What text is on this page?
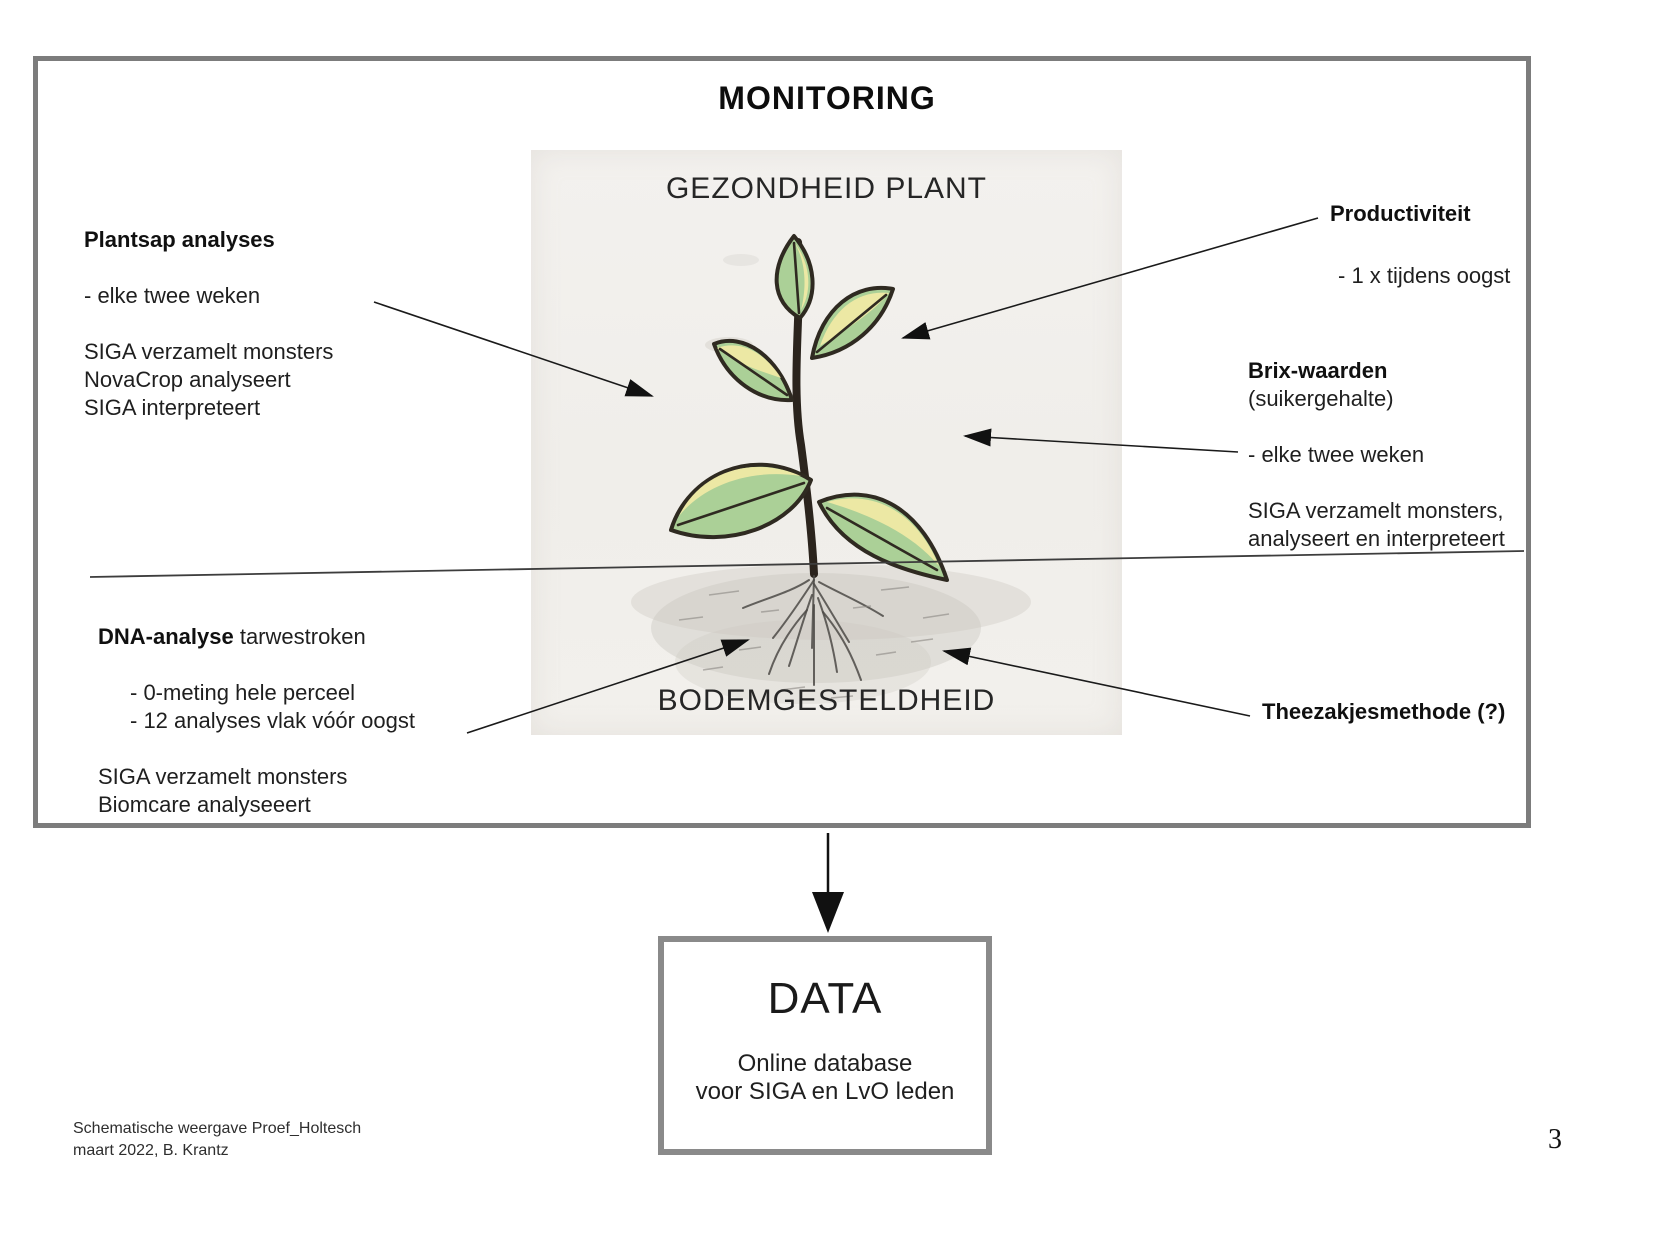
MONITORING
GEZONDHEID PLANT
BODEMGESTELDHEID
Plantsap analyses
- elke twee weken
SIGA verzamelt monsters
NovaCrop analyseert
SIGA interpreteert
Productiviteit
- 1 x tijdens oogst
Brix-waarden
(suikergehalte)
- elke twee weken
SIGA verzamelt monsters,
analyseert en interpreteert
DNA-analyse tarwestroken
- 0-meting hele perceel
- 12 analyses vlak vóór oogst
SIGA verzamelt monsters
Biomcare analyseeert
Theezakjesmethode (?)
DATA
Online database
voor SIGA en LvO leden
Schematische weergave Proef_Holtesch
maart 2022, B. Krantz	3
